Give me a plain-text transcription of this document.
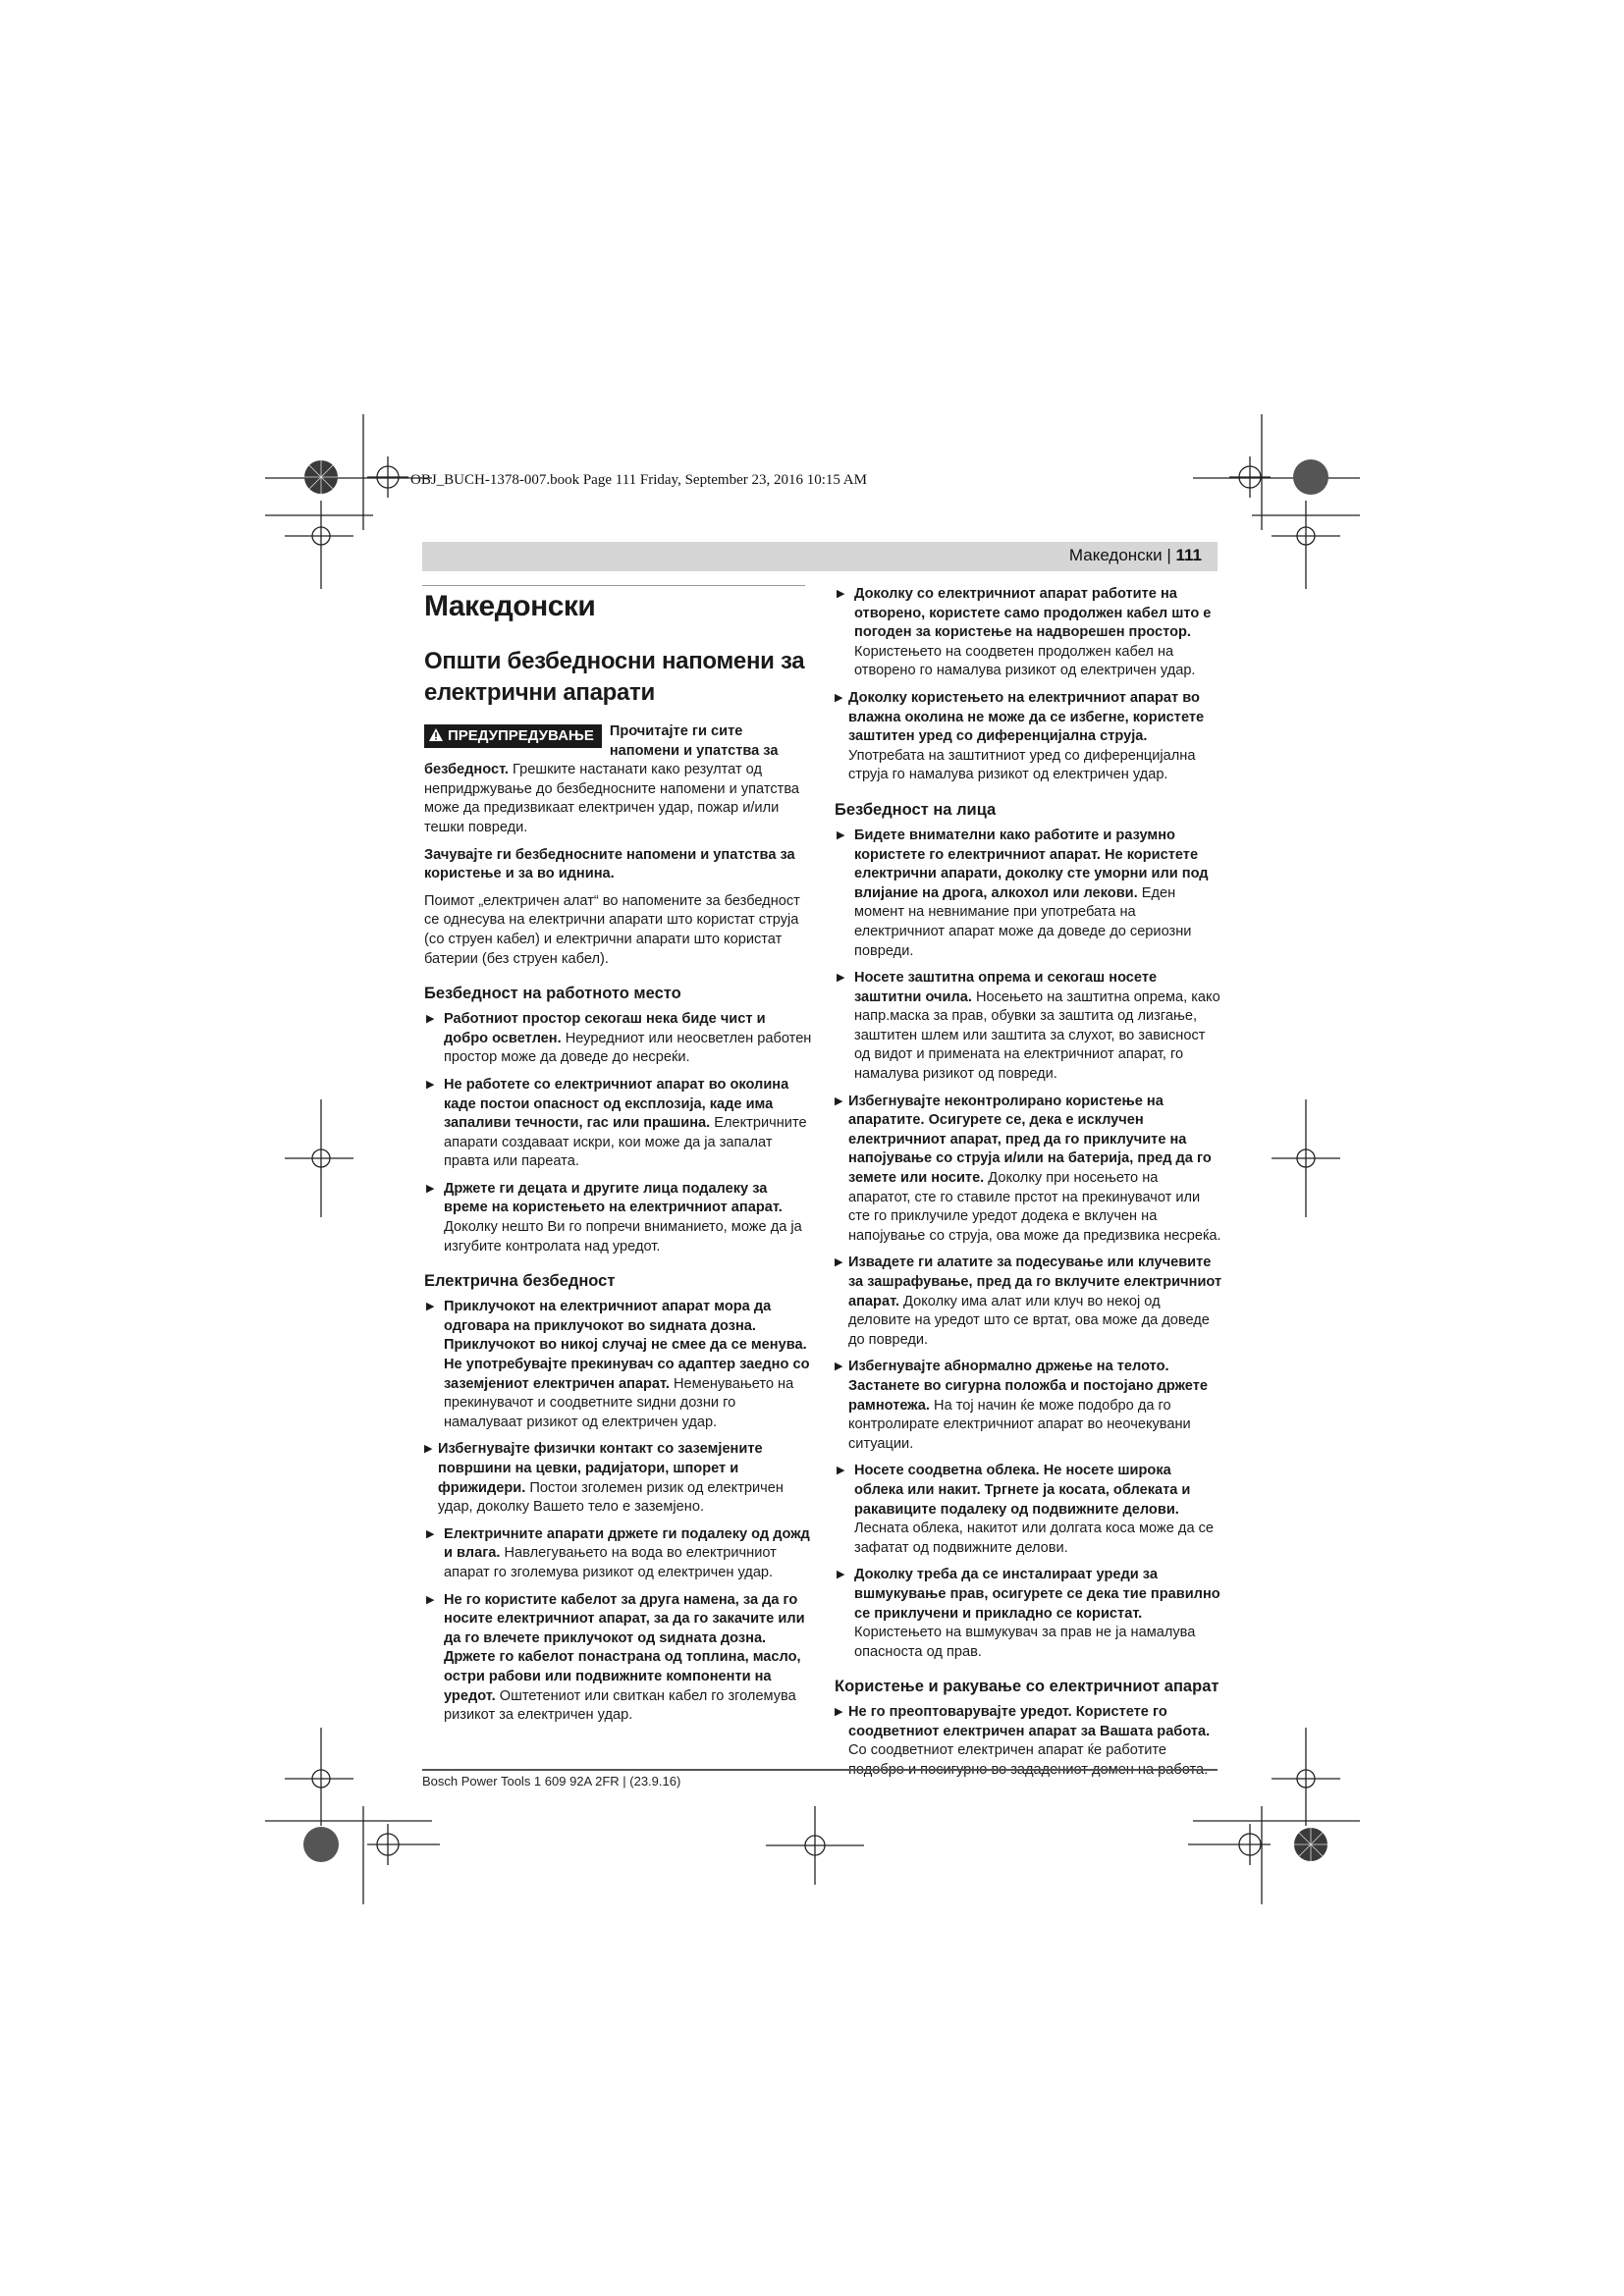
OBJ_BUCH-1378-007.book Page 111 Friday, September 23, 2016 10:15 AM
Македонски | 111
Македонски
Општи безбедносни напомени за електрични апарати

ПРЕДУПРЕДУВАЊЕ	Прочитајте ги сите напомени и упатства за безбедност. Грешките настанати како резултат од непридржување до безбедносните напомени и упатства може да предизвикаат електричен удар, пожар и/или тешки повреди.

Зачувајте ги безбедносните напомени и упатства за користење и за во иднина.

Поимот „електричен алат“ во напомените за безбедност се однесува на електрични апарати што користат струја (со струен кабел) и електрични апарати што користат батерии (без струен кабел).

Безбедност на работното место
▶ Работниот простор секогаш нека биде чист и добро осветлен. Неуредниот или неосветлен работен простор може да доведе до несреќи.
▶ Не работете со електричниот апарат во околина каде постои опасност од експлозија, каде има запаливи течности, гас или прашина. Електричните апарати создаваат искри, кои може да ја запалат правта или пареата.
▶ Држете ги децата и другите лица подалеку за време на користењето на електричниот апарат. Доколку нешто Ви го попречи вниманието, може да ја изгубите контролата над уредот.
Електрична безбедност
▶ Приклучокот на електричниот апарат мора да одговара на приклучокот во ѕидната дозна. Приклучокот во никој случај не смее да се менува. Не употребувајте прекинувач со адаптер заедно со заземјениот електричен апарат. Неменувањето на прекинувачот и соодветните ѕидни дозни го намалуваат ризикот од електричен удар.
▶ Избегнувајте физички контакт со заземјените површини на цевки, радијатори, шпорет и фрижидери. Постои зголемен ризик од електричен удар, доколку Вашето тело е заземјено.
▶ Електричните апарати држете ги подалеку од дожд и влага. Навлегувањето на вода во електричниот апарат го зголемува ризикот од електричен удар.
▶ Не го користите кабелот за друга намена, за да го носите електричниот апарат, за да го закачите или да го влечете приклучокот од ѕидната дозна. Држете го кабелот понастрана од топлина, масло, остри рабови или подвижните компоненти на уредот. Оштетениот или свиткан кабел го зголемува ризикот за електричен удар.
▶ Доколку со електричниот апарат работите на отворено, користете само продолжен кабел што е погоден за користење на надворешен простор. Користењето на соодветен продолжен кабел на отворено го намалува ризикот од електричен удар.
▶ Доколку користењето на електричниот апарат во влажна околина не може да се избегне, користете заштитен уред со диференцијална струја. Употребата на заштитниот уред со диференцијална струја го намалува ризикот од електричен удар.
Безбедност на лица
▶ Бидете внимателни како работите и разумно користете го електричниот апарат. Не користете електрични апарати, доколку сте уморни или под влијание на дрога, алкохол или лекови. Еден момент на невнимание при употребата на електричниот апарат може да доведе до сериозни повреди.
▶ Носете заштитна опрема и секогаш носете заштитни очила. Носењето на заштитна опрема, како напр.маска за прав, обувки за заштита од лизгање, заштитен шлем или заштита за слухот, во зависност од видот и примената на електричниот апарат, го намалува ризикот од повреди.
▶ Избегнувајте неконтролирано користење на апаратите. Осигурете се, дека е исклучен електричниот апарат, пред да го приклучите на напојување со струја и/или на батерија, пред да го земете или носите. Доколку при носењето на апаратот, сте го ставиле прстот на прекинувачот или сте го приклучиле уредот додека е вклучен на напојување со струја, ова може да предизвика несреќа.
▶ Извадете ги алатите за подесување или клучевите за зашрафување, пред да го вклучите електричниот апарат. Доколку има алат или клуч во некој од деловите на уредот што се вртат, ова може да доведе до повреди.
▶ Избегнувајте абнормално држење на телото. Застанете во сигурна положба и постојано држете рамнотежа. На тој начин ќе може подобро да го контролирате електричниот апарат во неочекувани ситуации.
▶ Носете соодветна облека. Не носете широка облека или накит. Тргнете ја косата, облеката и ракавиците подалеку од подвижните делови. Лесната облека, накитот или долгата коса може да се зафатат од подвижните делови.
▶ Доколку треба да се инсталираат уреди за вшмукување прав, осигурете се дека тие правилно се приклучени и прикладно се користат. Користењето на вшмукувач за прав не ја намалува опасноста од прав.
Користење и ракување со електричниот апарат
▶ Не го преоптоварувајте уредот. Користете го соодветниот електричен апарат за Вашата работа. Со соодветниот електричен апарат ќе работите
Bosch Power Tools 1 609 92A 2FR | (23.9.16)
